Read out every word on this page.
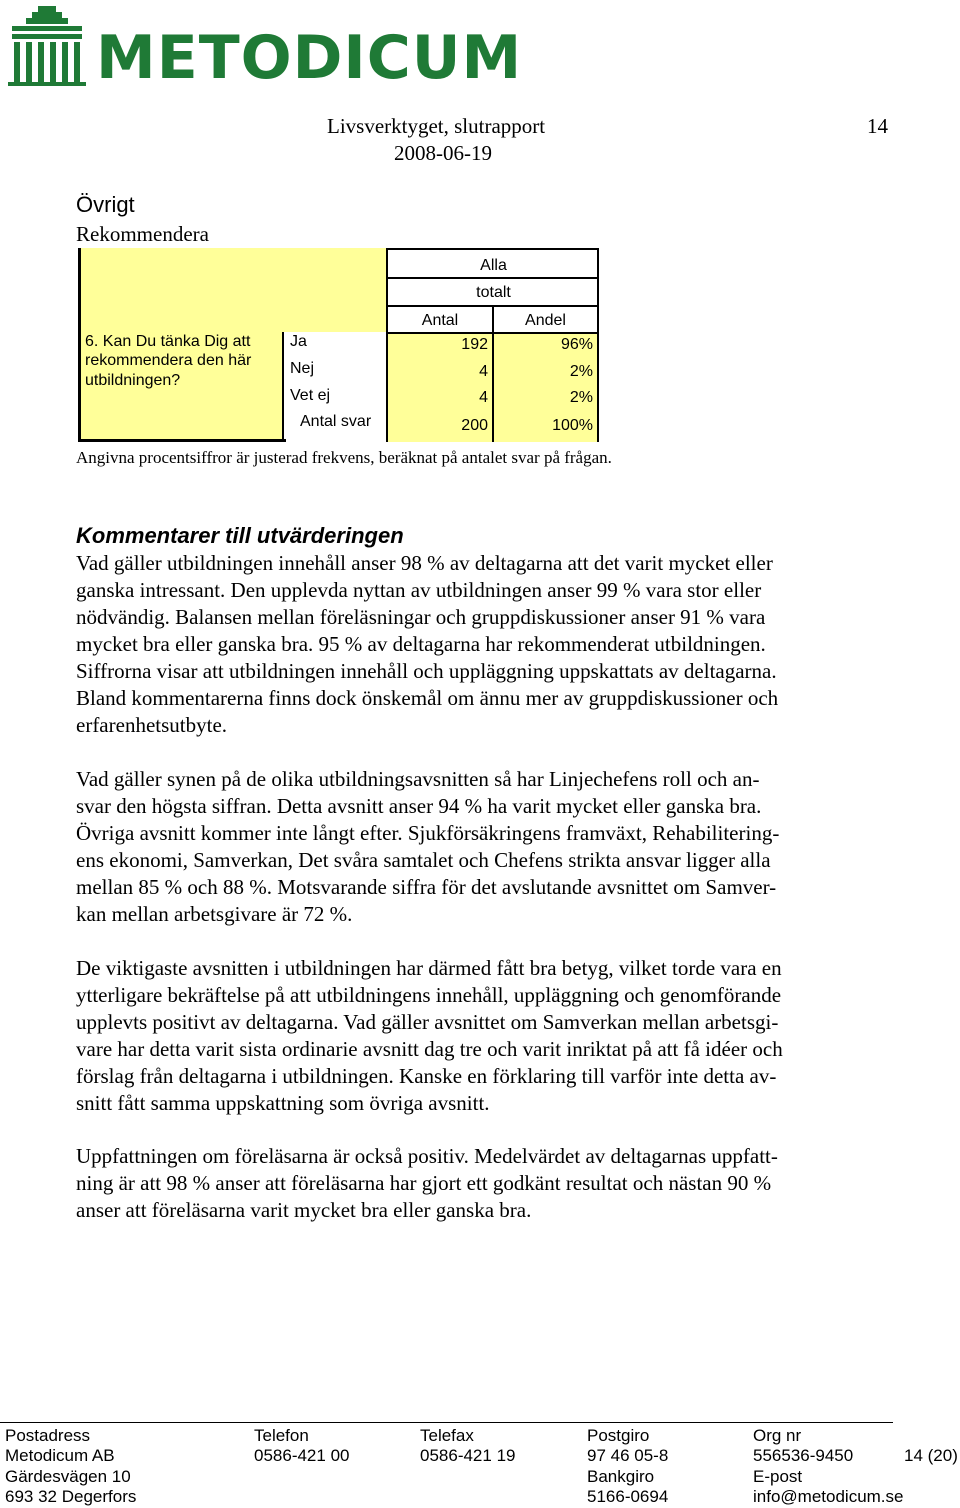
METODICUM
Livsverktyget, slutrapport
2008-06-19
14
Övrigt
Rekommendera
6. Kan Du tänka Dig att
rekommendera den här
utbildningen?
Alla
totalt
Antal	Andel
Ja
Nej
Vet ej
Antal svar
192
4
4
200
96%
2%
2%
100%
Angivna procentsiffror är justerad frekvens, beräknat på antalet svar på frågan.
Kommentarer till utvärderingen
Vad gäller utbildningen innehåll anser 98 % av deltagarna att det varit mycket eller
ganska intressant. Den upplevda nyttan av utbildningen anser 99 % vara stor eller
nödvändig. Balansen mellan föreläsningar och gruppdiskussioner anser 91 % vara
mycket bra eller ganska bra. 95 % av deltagarna har rekommenderat utbildningen.
Siffrorna visar att utbildningen innehåll och uppläggning uppskattats av deltagarna.
Bland kommentarerna finns dock önskemål om ännu mer av gruppdiskussioner och
erfarenhetsutbyte.
Vad gäller synen på de olika utbildningsavsnitten så har Linjechefens roll och an-
svar den högsta siffran. Detta avsnitt anser 94 % ha varit mycket eller ganska bra.
Övriga avsnitt kommer inte långt efter. Sjukförsäkringens framväxt, Rehabilitering-
ens ekonomi, Samverkan, Det svåra samtalet och Chefens strikta ansvar ligger alla
mellan 85 % och 88 %. Motsvarande siffra för det avslutande avsnittet om Samver-
kan mellan arbetsgivare är 72 %.
De viktigaste avsnitten i utbildningen har därmed fått bra betyg, vilket torde vara en
ytterligare bekräftelse på att utbildningens innehåll, uppläggning och genomförande
upplevts positivt av deltagarna. Vad gäller avsnittet om Samverkan mellan arbetsgi-
vare har detta varit sista ordinarie avsnitt dag tre och varit inriktat på att få idéer och
förslag från deltagarna i utbildningen. Kanske en förklaring till varför inte detta av-
snitt fått samma uppskattning som övriga avsnitt.
Uppfattningen om föreläsarna är också positiv. Medelvärdet av deltagarnas uppfatt-
ning är att 98 % anser att föreläsarna har gjort ett godkänt resultat och nästan 90 %
anser att föreläsarna varit mycket bra eller ganska bra.
Postadress
Metodicum AB
Gärdesvägen 10
693 32 Degerfors
Telefon
0586-421 00
Telefax
0586-421 19
Postgiro
97 46 05-8
Bankgiro
5166-0694
Org nr
556536-9450
E-post
info@metodicum.se
14 (20)
